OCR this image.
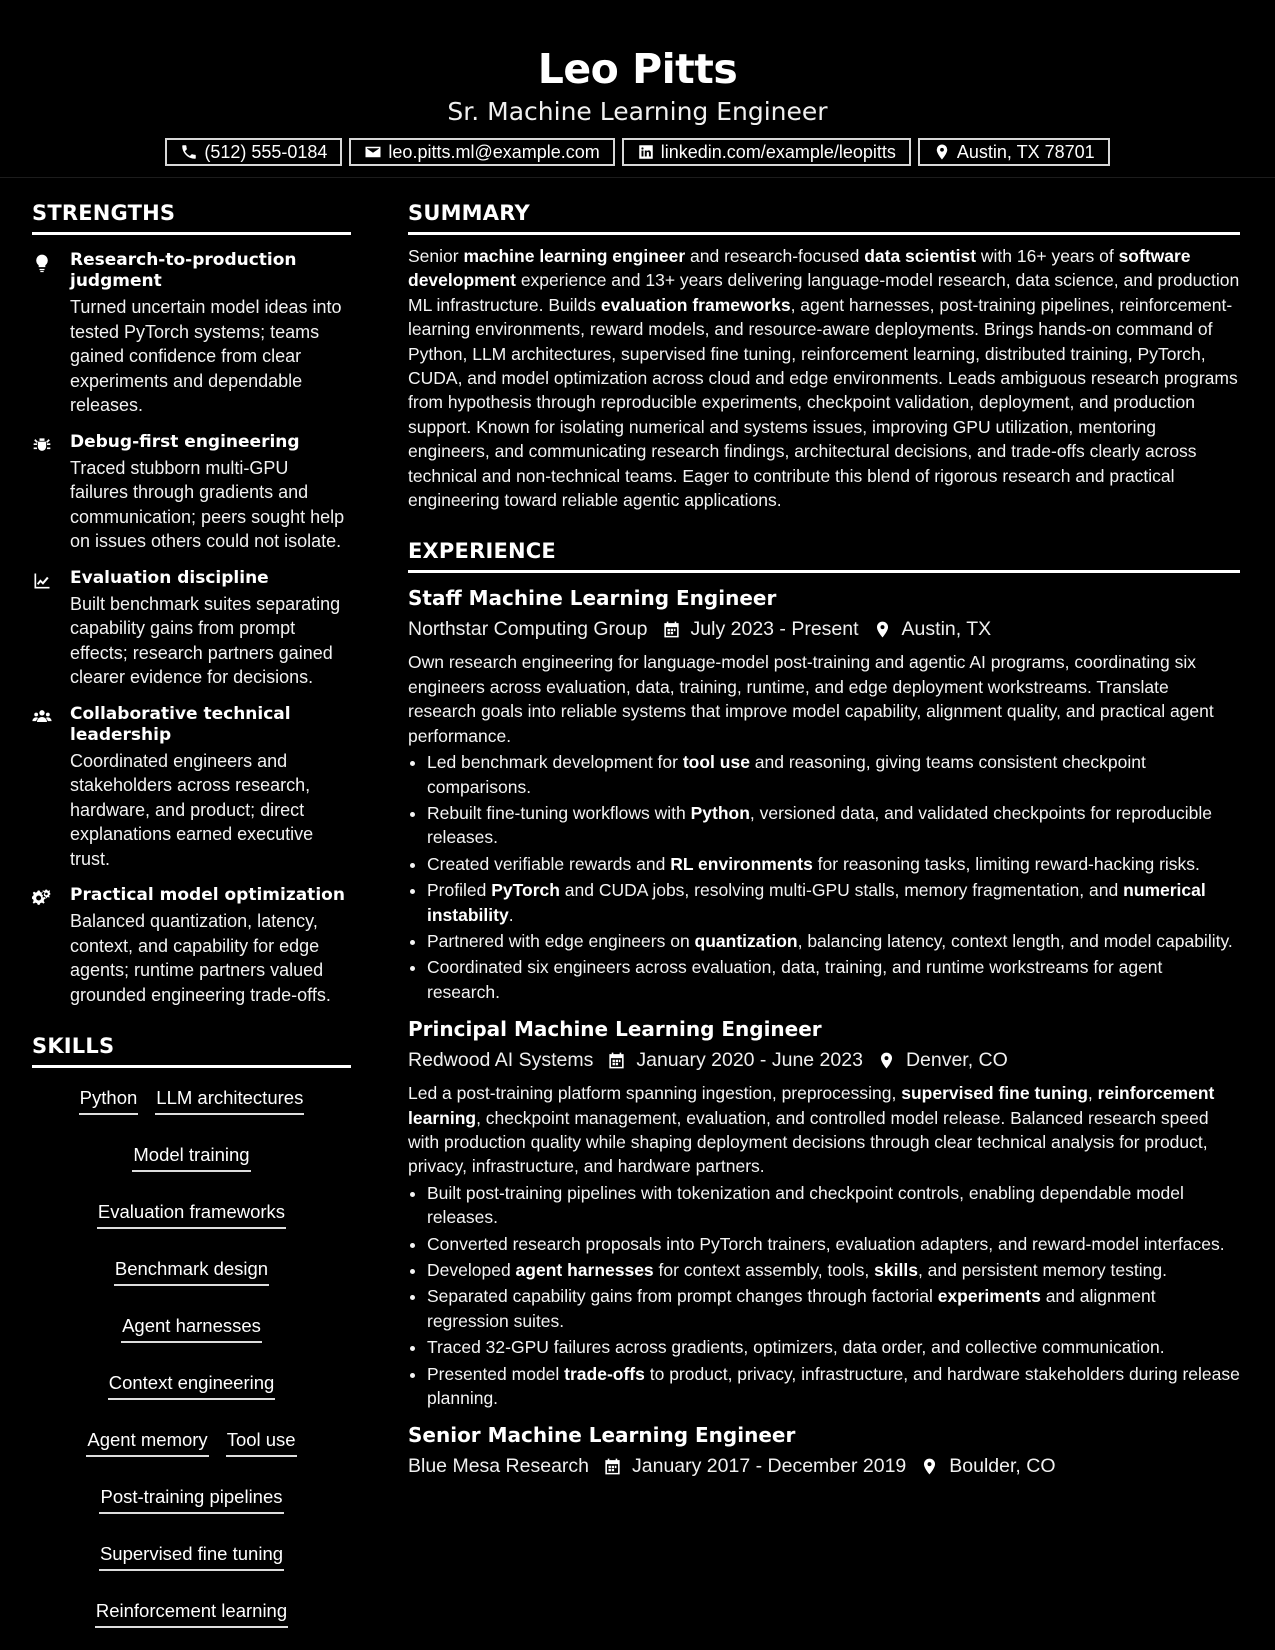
Leo Pitts
Sr. Machine Learning Engineer
(512) 555-0184	leo.pitts.ml@example.com	linkedin.com/example/leopitts	Austin, TX 78701
STRENGTHS
Research-to-production judgment
Turned uncertain model ideas into tested PyTorch systems; teams gained confidence from clear experiments and dependable releases.
Debug-first engineering
Traced stubborn multi-GPU failures through gradients and communication; peers sought help on issues others could not isolate.
Evaluation discipline
Built benchmark suites separating capability gains from prompt effects; research partners gained clearer evidence for decisions.
Collaborative technical leadership
Coordinated engineers and stakeholders across research, hardware, and product; direct explanations earned executive trust.
Practical model optimization
Balanced quantization, latency, context, and capability for edge agents; runtime partners valued grounded engineering trade-offs.
SKILLS
Python LLM architectures
Model training
Evaluation frameworks
Benchmark design
Agent harnesses
Context engineering
Agent memory Tool use
Post-training pipelines
Supervised fine tuning
Reinforcement learning
SUMMARY
Senior machine learning engineer and research-focused data scientist with 16+ years of software development experience and 13+ years delivering language-model research, data science, and production ML infrastructure. Builds evaluation frameworks, agent harnesses, post-training pipelines, reinforcement-learning environments, reward models, and resource-aware deployments. Brings hands-on command of Python, LLM architectures, supervised fine tuning, reinforcement learning, distributed training, PyTorch, CUDA, and model optimization across cloud and edge environments. Leads ambiguous research programs from hypothesis through reproducible experiments, checkpoint validation, deployment, and production support. Known for isolating numerical and systems issues, improving GPU utilization, mentoring engineers, and communicating research findings, architectural decisions, and trade-offs clearly across technical and non-technical teams. Eager to contribute this blend of rigorous research and practical engineering toward reliable agentic applications.
EXPERIENCE
Staff Machine Learning Engineer
Northstar Computing Group July 2023 - Present Austin, TX
Own research engineering for language-model post-training and agentic AI programs, coordinating six engineers across evaluation, data, training, runtime, and edge deployment workstreams. Translate research goals into reliable systems that improve model capability, alignment quality, and practical agent performance.
• Led benchmark development for tool use and reasoning, giving teams consistent checkpoint comparisons.
• Rebuilt fine-tuning workflows with Python, versioned data, and validated checkpoints for reproducible releases.
• Created verifiable rewards and RL environments for reasoning tasks, limiting reward-hacking risks.
• Profiled PyTorch and CUDA jobs, resolving multi-GPU stalls, memory fragmentation, and numerical instability.
• Partnered with edge engineers on quantization, balancing latency, context length, and model capability.
• Coordinated six engineers across evaluation, data, training, and runtime workstreams for agent research.
Principal Machine Learning Engineer
Redwood AI Systems January 2020 - June 2023 Denver, CO
Led a post-training platform spanning ingestion, preprocessing, supervised fine tuning, reinforcement learning, checkpoint management, evaluation, and controlled model release. Balanced research speed with production quality while shaping deployment decisions through clear technical analysis for product, privacy, infrastructure, and hardware partners.
• Built post-training pipelines with tokenization and checkpoint controls, enabling dependable model releases.
• Converted research proposals into PyTorch trainers, evaluation adapters, and reward-model interfaces.
• Developed agent harnesses for context assembly, tools, skills, and persistent memory testing.
• Separated capability gains from prompt changes through factorial experiments and alignment regression suites.
• Traced 32-GPU failures across gradients, optimizers, data order, and collective communication.
• Presented model trade-offs to product, privacy, infrastructure, and hardware stakeholders during release planning.
Senior Machine Learning Engineer
Blue Mesa Research January 2017 - December 2019 Boulder, CO
